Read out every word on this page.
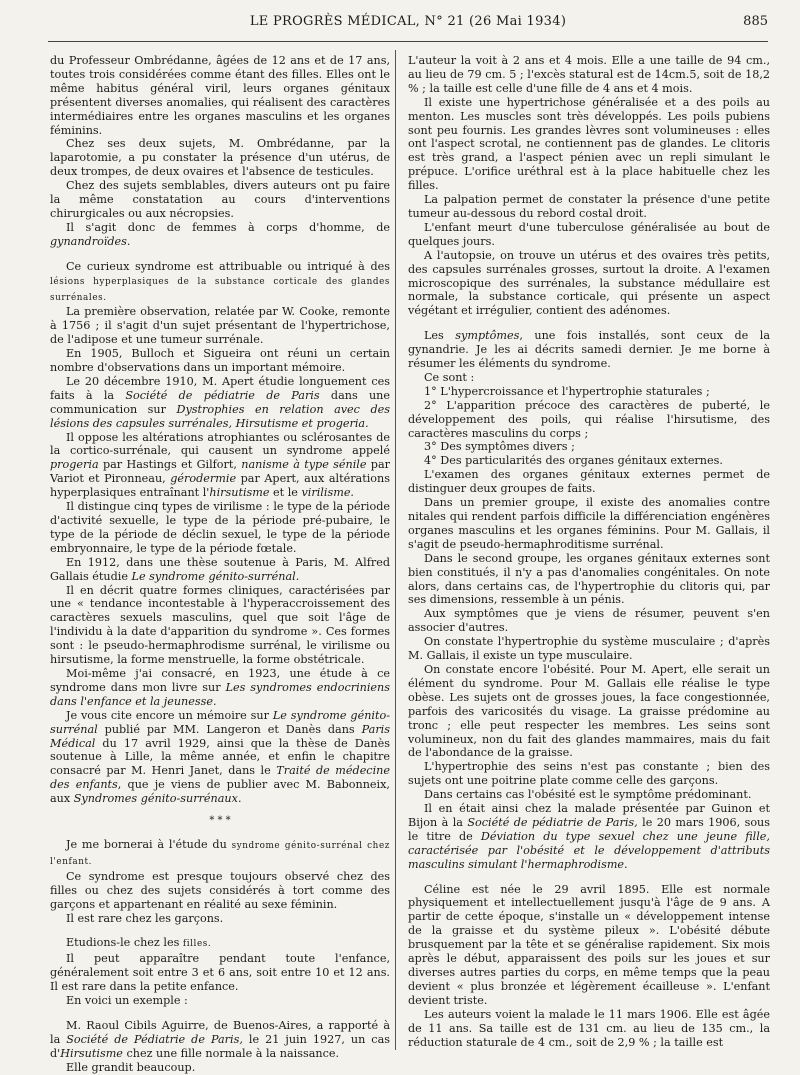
LE PROGRÈS MÉDICAL, N° 21 (26 Mai 1934)	885

du Professeur Ombrédanne, âgées de 12 ans et de 17 ans, toutes trois considérées comme étant des filles. Elles ont le même habitus général viril, leurs organes génitaux présentent diverses anomalies, qui réalisent des caractères intermédiaires entre les organes masculins et les organes féminins.

Chez ses deux sujets, M. Ombrédanne, par la laparotomie, a pu constater la présence d'un utérus, de deux trompes, de deux ovaires et l'absence de testicules.

Chez des sujets semblables, divers auteurs ont pu faire la même constatation au cours d'interventions chirurgicales ou aux nécropsies.

Il s'agit donc de femmes à corps d'homme, de gynandroïdes.

Ce curieux syndrome est attribuable ou intriqué à des lésions hyperplasiques de la substance corticale des glandes surrénales.

La première observation, relatée par W. Cooke, remonte à 1756 ; il s'agit d'un sujet présentant de l'hypertrichose, de l'adipose et une tumeur surrénale.

En 1905, Bulloch et Sigueira ont réuni un certain nombre d'observations dans un important mémoire.

Le 20 décembre 1910, M. Apert étudie longuement ces faits à la Société de pédiatrie de Paris dans une communication sur Dystrophies en relation avec des lésions des capsules surrénales, Hirsutisme et progeria.

Il oppose les altérations atrophiantes ou sclérosantes de la cortico-surrénale, qui causent un syndrome appelé progeria par Hastings et Gilfort, nanisme à type sénile par Variot et Pironneau, gérodermie par Apert, aux altérations hyperplasiques entraînant l'hirsutisme et le virilisme.

Il distingue cinq types de virilisme : le type de la période d'activité sexuelle, le type de la période pré-pubaire, le type de la période de déclin sexuel, le type de la période embryonnaire, le type de la période fœtale.

En 1912, dans une thèse soutenue à Paris, M. Alfred Gallais étudie Le syndrome génito-surrénal.

Il en décrit quatre formes cliniques, caractérisées par une « tendance incontestable à l'hyperaccroissement des caractères sexuels masculins, quel que soit l'âge de l'individu à la date d'apparition du syndrome ». Ces formes sont : le pseudo-hermaphrodisme surrénal, le virilisme ou hirsutisme, la forme menstruelle, la forme obstétricale.

Moi-même j'ai consacré, en 1923, une étude à ce syndrome dans mon livre sur Les syndromes endocriniens dans l'enfance et la jeunesse.

Je vous cite encore un mémoire sur Le syndrome génito-surrénal publié par MM. Langeron et Danès dans Paris Médical du 17 avril 1929, ainsi que la thèse de Danès soutenue à Lille, la même année, et enfin le chapitre consacré par M. Henri Janet, dans le Traité de médecine des enfants, que je viens de publier avec M. Babonneix, aux Syndromes génito-surrénaux.

* * *

Je me bornerai à l'étude du syndrome génito-surrénal chez l'enfant.

Ce syndrome est presque toujours observé chez des filles ou chez des sujets considérés à tort comme des garçons et appartenant en réalité au sexe féminin.

Il est rare chez les garçons.

Etudions-le chez les filles.

Il peut apparaître pendant toute l'enfance, généralement soit entre 3 et 6 ans, soit entre 10 et 12 ans. Il est rare dans la petite enfance.

En voici un exemple :

M. Raoul Cibils Aguirre, de Buenos-Aires, a rapporté à la Société de Pédiatrie de Paris, le 21 juin 1927, un cas d'Hirsutisme chez une fille normale à la naissance.

Elle grandit beaucoup.

L'auteur la voit à 2 ans et 4 mois. Elle a une taille de 94 cm., au lieu de 79 cm. 5 ; l'excès statural est de 14cm.5, soit de 18,2 % ; la taille est celle d'une fille de 4 ans et 4 mois.

Il existe une hypertrichose généralisée et a des poils au menton. Les muscles sont très développés. Les poils pubiens sont peu fournis. Les grandes lèvres sont volumineuses : elles ont l'aspect scrotal, ne contiennent pas de glandes. Le clitoris est très grand, a l'aspect pénien avec un repli simulant le prépuce. L'orifice uréthral est à la place habituelle chez les filles.

La palpation permet de constater la présence d'une petite tumeur au-dessous du rebord costal droit.

L'enfant meurt d'une tuberculose généralisée au bout de quelques jours.

A l'autopsie, on trouve un utérus et des ovaires très petits, des capsules surrénales grosses, surtout la droite. A l'examen microscopique des surrénales, la substance médullaire est normale, la substance corticale, qui présente un aspect végétant et irrégulier, contient des adénomes.

Les symptômes, une fois installés, sont ceux de la gynandrie. Je les ai décrits samedi dernier. Je me borne à résumer les éléments du syndrome.

Ce sont :

1° L'hypercroissance et l'hypertrophie staturales ;

2° L'apparition précoce des caractères de puberté, le développement des poils, qui réalise l'hirsutisme, des caractères masculins du corps ;

3° Des symptômes divers ;

4° Des particularités des organes génitaux externes.

L'examen des organes génitaux externes permet de distinguer deux groupes de faits.

Dans un premier groupe, il existe des anomalies contre nitales qui rendent parfois difficile la différenciation engénères organes masculins et les organes féminins. Pour M. Gallais, il s'agit de pseudo-hermaphroditisme surrénal.

Dans le second groupe, les organes génitaux externes sont bien constitués, il n'y a pas d'anomalies congénitales. On note alors, dans certains cas, de l'hypertrophie du clitoris qui, par ses dimensions, ressemble à un pénis.

Aux symptômes que je viens de résumer, peuvent s'en associer d'autres.

On constate l'hypertrophie du système musculaire ; d'après M. Gallais, il existe un type musculaire.

On constate encore l'obésité. Pour M. Apert, elle serait un élément du syndrome. Pour M. Gallais elle réalise le type obèse. Les sujets ont de grosses joues, la face congestionnée, parfois des varicosités du visage. La graisse prédomine au tronc ; elle peut respecter les membres. Les seins sont volumineux, non du fait des glandes mammaires, mais du fait de l'abondance de la graisse.

L'hypertrophie des seins n'est pas constante ; bien des sujets ont une poitrine plate comme celle des garçons.

Dans certains cas l'obésité est le symptôme prédominant.

Il en était ainsi chez la malade présentée par Guinon et Bijon à la Société de pédiatrie de Paris, le 20 mars 1906, sous le titre de Déviation du type sexuel chez une jeune fille, caractérisée par l'obésité et le développement d'attributs masculins simulant l'hermaphrodisme.

Céline est née le 29 avril 1895. Elle est normale physiquement et intellectuellement jusqu'à l'âge de 9 ans. A partir de cette époque, s'installe un « développement intense de la graisse et du système pileux ». L'obésité débute brusquement par la tête et se généralise rapidement. Six mois après le début, apparaissent des poils sur les joues et sur diverses autres parties du corps, en même temps que la peau devient « plus bronzée et légèrement écailleuse ». L'enfant devient triste.

Les auteurs voient la malade le 11 mars 1906. Elle est âgée de 11 ans. Sa taille est de 131 cm. au lieu de 135 cm., la réduction staturale de 4 cm., soit de 2,9 % ; la taille est
